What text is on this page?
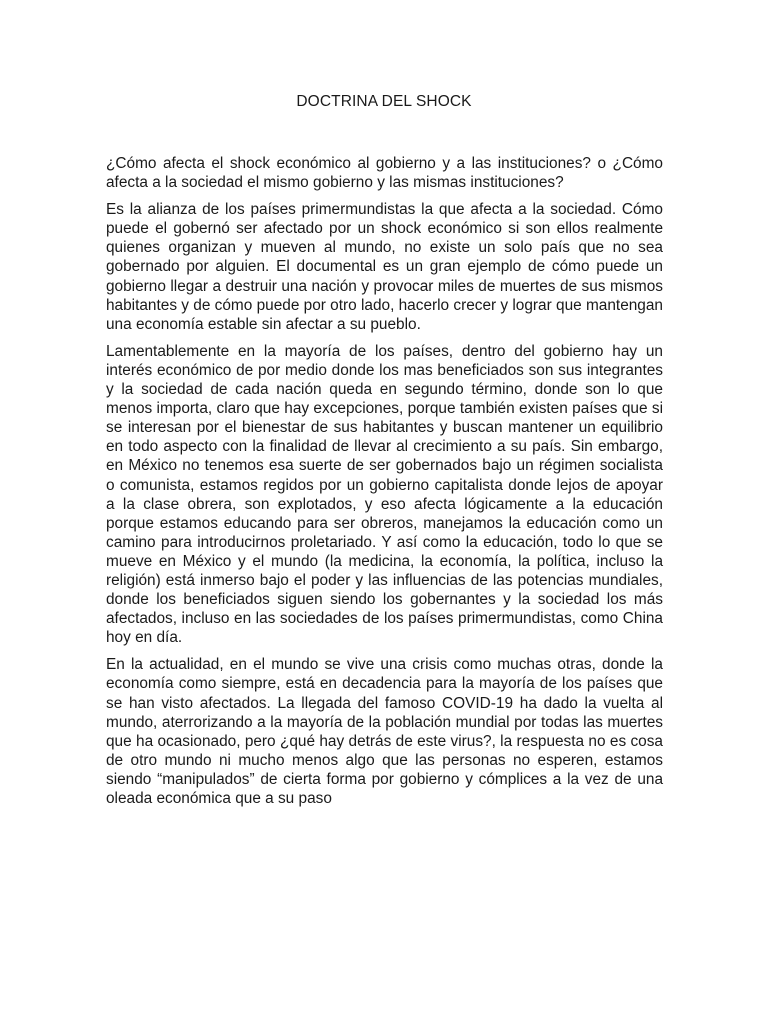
DOCTRINA DEL SHOCK

¿Cómo afecta el shock económico al gobierno y a las instituciones? o ¿Cómo afecta a la sociedad el mismo gobierno y las mismas instituciones?

Es la alianza de los países primermundistas la que afecta a la sociedad. Cómo puede el gobernó ser afectado por un shock económico si son ellos realmente quienes organizan y mueven al mundo, no existe un solo país que no sea gobernado por alguien. El documental es un gran ejemplo de cómo puede un gobierno llegar a destruir una nación y provocar miles de muertes de sus mismos habitantes y de cómo puede por otro lado, hacerlo crecer y lograr que mantengan una economía estable sin afectar a su pueblo.

Lamentablemente en la mayoría de los países, dentro del gobierno hay un interés económico de por medio donde los mas beneficiados son sus integrantes y la sociedad de cada nación queda en segundo término, donde son lo que menos importa, claro que hay excepciones, porque también existen países que si se interesan por el bienestar de sus habitantes y buscan mantener un equilibrio en todo aspecto con la finalidad de llevar al crecimiento a su país. Sin embargo, en México no tenemos esa suerte de ser gobernados bajo un régimen socialista o comunista, estamos regidos por un gobierno capitalista donde lejos de apoyar a la clase obrera, son explotados, y eso afecta lógicamente a la educación porque estamos educando para ser obreros, manejamos la educación como un camino para introducirnos proletariado. Y así como la educación, todo lo que se mueve en México y el mundo (la medicina, la economía, la política, incluso la religión) está inmerso bajo el poder y las influencias de las potencias mundiales, donde los beneficiados siguen siendo los gobernantes y la sociedad los más afectados, incluso en las sociedades de los países primermundistas, como China hoy en día.

En la actualidad, en el mundo se vive una crisis como muchas otras, donde la economía como siempre, está en decadencia para la mayoría de los países que se han visto afectados. La llegada del famoso COVID-19 ha dado la vuelta al mundo, aterrorizando a la mayoría de la población mundial por todas las muertes que ha ocasionado, pero ¿qué hay detrás de este virus?, la respuesta no es cosa de otro mundo ni mucho menos algo que las personas no esperen, estamos siendo “manipulados” de cierta forma por gobierno y cómplices a la vez de una oleada económica que a su paso
